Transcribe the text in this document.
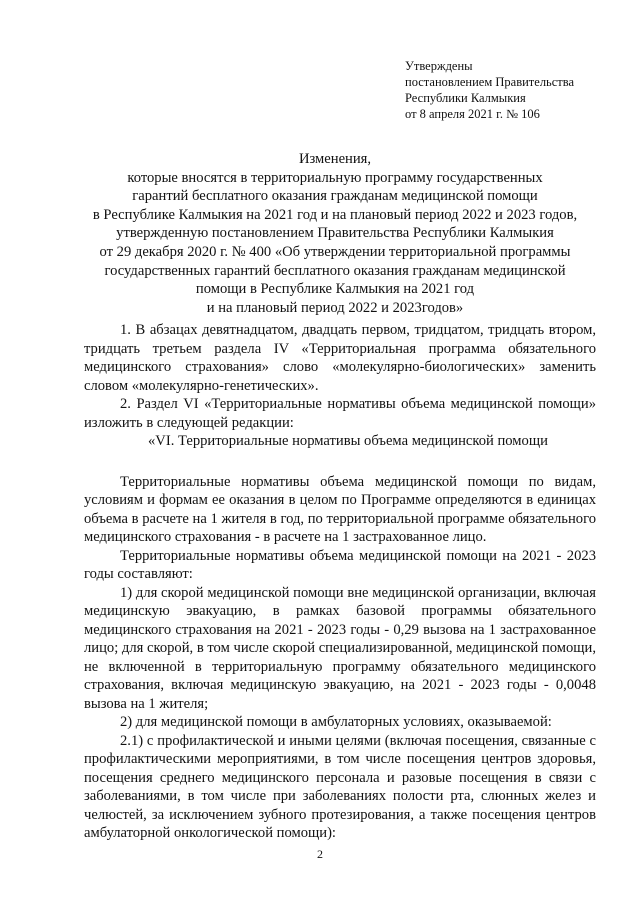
Утверждены
постановлением Правительства
Республики Калмыкия
от 8 апреля 2021 г. № 106
Изменения,
которые вносятся в территориальную программу государственных
гарантий бесплатного оказания гражданам медицинской помощи
в Республике Калмыкия на 2021 год и на плановый период 2022 и 2023 годов,
утвержденную постановлением Правительства Республики Калмыкия
от 29 декабря 2020 г. № 400 «Об утверждении территориальной программы
государственных гарантий бесплатного оказания гражданам медицинской
помощи в Республике Калмыкия на 2021 год
и на плановый период 2022 и 2023годов»

1. В абзацах девятнадцатом, двадцать первом, тридцатом, тридцать втором, тридцать третьем раздела IV «Территориальная программа обязательного медицинского страхования» слово «молекулярно-биологических» заменить словом «молекулярно-генетических».

2. Раздел VI «Территориальные нормативы объема медицинской помощи» изложить в следующей редакции:

«VI. Территориальные нормативы объема медицинской помощи

Территориальные нормативы объема медицинской помощи по видам, условиям и формам ее оказания в целом по Программе определяются в единицах объема в расчете на 1 жителя в год, по территориальной программе обязательного медицинского страхования - в расчете на 1 застрахованное лицо.

Территориальные нормативы объема медицинской помощи на 2021 - 2023 годы составляют:

1) для скорой медицинской помощи вне медицинской организации, включая медицинскую эвакуацию, в рамках базовой программы обязательного медицинского страхования на 2021 - 2023 годы - 0,29 вызова на 1 застрахованное лицо; для скорой, в том числе скорой специализированной, медицинской помощи, не включенной в территориальную программу обязательного медицинского страхования, включая медицинскую эвакуацию, на 2021 - 2023 годы - 0,0048 вызова на 1 жителя;

2) для медицинской помощи в амбулаторных условиях, оказываемой:

2.1) с профилактической и иными целями (включая посещения, связанные с профилактическими мероприятиями, в том числе посещения центров здоровья, посещения среднего медицинского персонала и разовые посещения в связи с заболеваниями, в том числе при заболеваниях полости рта, слюнных желез и челюстей, за исключением зубного протезирования, а также посещения центров амбулаторной онкологической помощи):

2
